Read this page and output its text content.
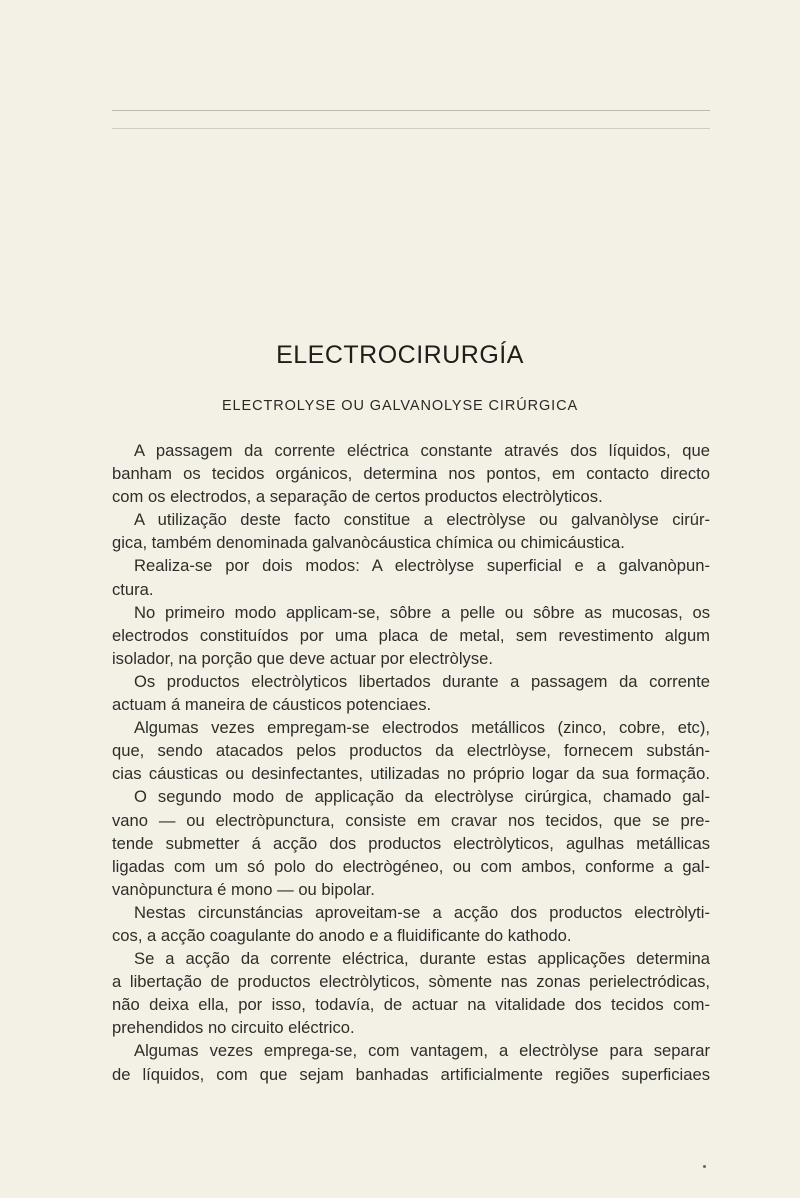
ELECTROCIRURGÍA
ELECTROLYSE OU GALVANOLYSE CIRÚRGICA
A passagem da corrente eléctrica constante através dos líquidos, que
banham os tecidos orgánicos, determina nos pontos, em contacto directo
com os electrodos, a separação de certos productos electròlyticos.
A utilização deste facto constitue a electròlyse ou galvanòlyse cirúr-
gica, também denominada galvanòcáustica chímica ou chimicáustica.
Realiza-se por dois modos: A electròlyse superficial e a galvanòpun-
ctura.
No primeiro modo applicam-se, sôbre a pelle ou sôbre as mucosas, os
electrodos constituídos por uma placa de metal, sem revestimento algum
isolador, na porção que deve actuar por electròlyse.
Os productos electròlyticos libertados durante a passagem da corrente
actuam á maneira de cáusticos potenciaes.
Algumas vezes empregam-se electrodos metállicos (zinco, cobre, etc),
que, sendo atacados pelos productos da electrlòyse, fornecem substán-
cias cáusticas ou desinfectantes, utilizadas no próprio logar da sua formação.
O segundo modo de applicação da electròlyse cirúrgica, chamado gal-
vano — ou electròpunctura, consiste em cravar nos tecidos, que se pre-
tende submetter á acção dos productos electròlyticos, agulhas metállicas
ligadas com um só polo do electrògéneo, ou com ambos, conforme a gal-
vanòpunctura é mono — ou bipolar.
Nestas circunstáncias aproveitam-se a acção dos productos electròlyti-
cos, a acção coagulante do anodo e a fluidificante do kathodo.
Se a acção da corrente eléctrica, durante estas applicações determina
a libertação de productos electròlyticos, sòmente nas zonas perielectródicas,
não deixa ella, por isso, todavía, de actuar na vitalidade dos tecidos com-
prehendidos no circuito eléctrico.
Algumas vezes emprega-se, com vantagem, a electròlyse para separar
de líquidos, com que sejam banhadas artificialmente regiões superficiaes
